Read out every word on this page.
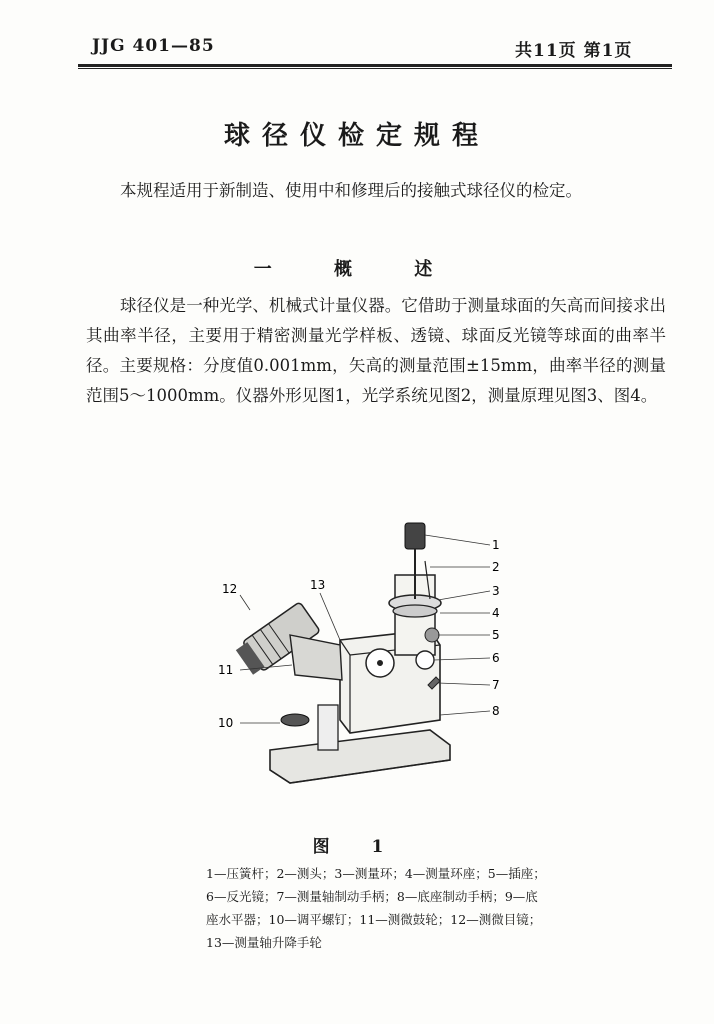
JJG 401—85	共11页 第1页
球径仪检定规程
本规程适用于新制造、使用中和修理后的接触式球径仪的检定。
一 概 述
球径仪是一种光学、机械式计量仪器。它借助于测量球面的矢高而间接求出其曲率半径，主要用于精密测量光学样板、透镜、球面反光镜等球面的曲率半径。主要规格：分度值0.001mm，矢高的测量范围±15mm，曲率半径的测量范围5～1000mm。仪器外形见图1，光学系统见图2，测量原理见图3、图4。
1
2
3
4
5
6
7
8
10
11
12	13
图 1
1—压簧杆；2—测头；3—测量环；4—测量环座；5—插座；6—反光镜；7—测量轴制动手柄；8—底座制动手柄；9—底座水平器；10—调平螺钉；11—测微鼓轮；12—测微目镜；13—测量轴升降手轮
